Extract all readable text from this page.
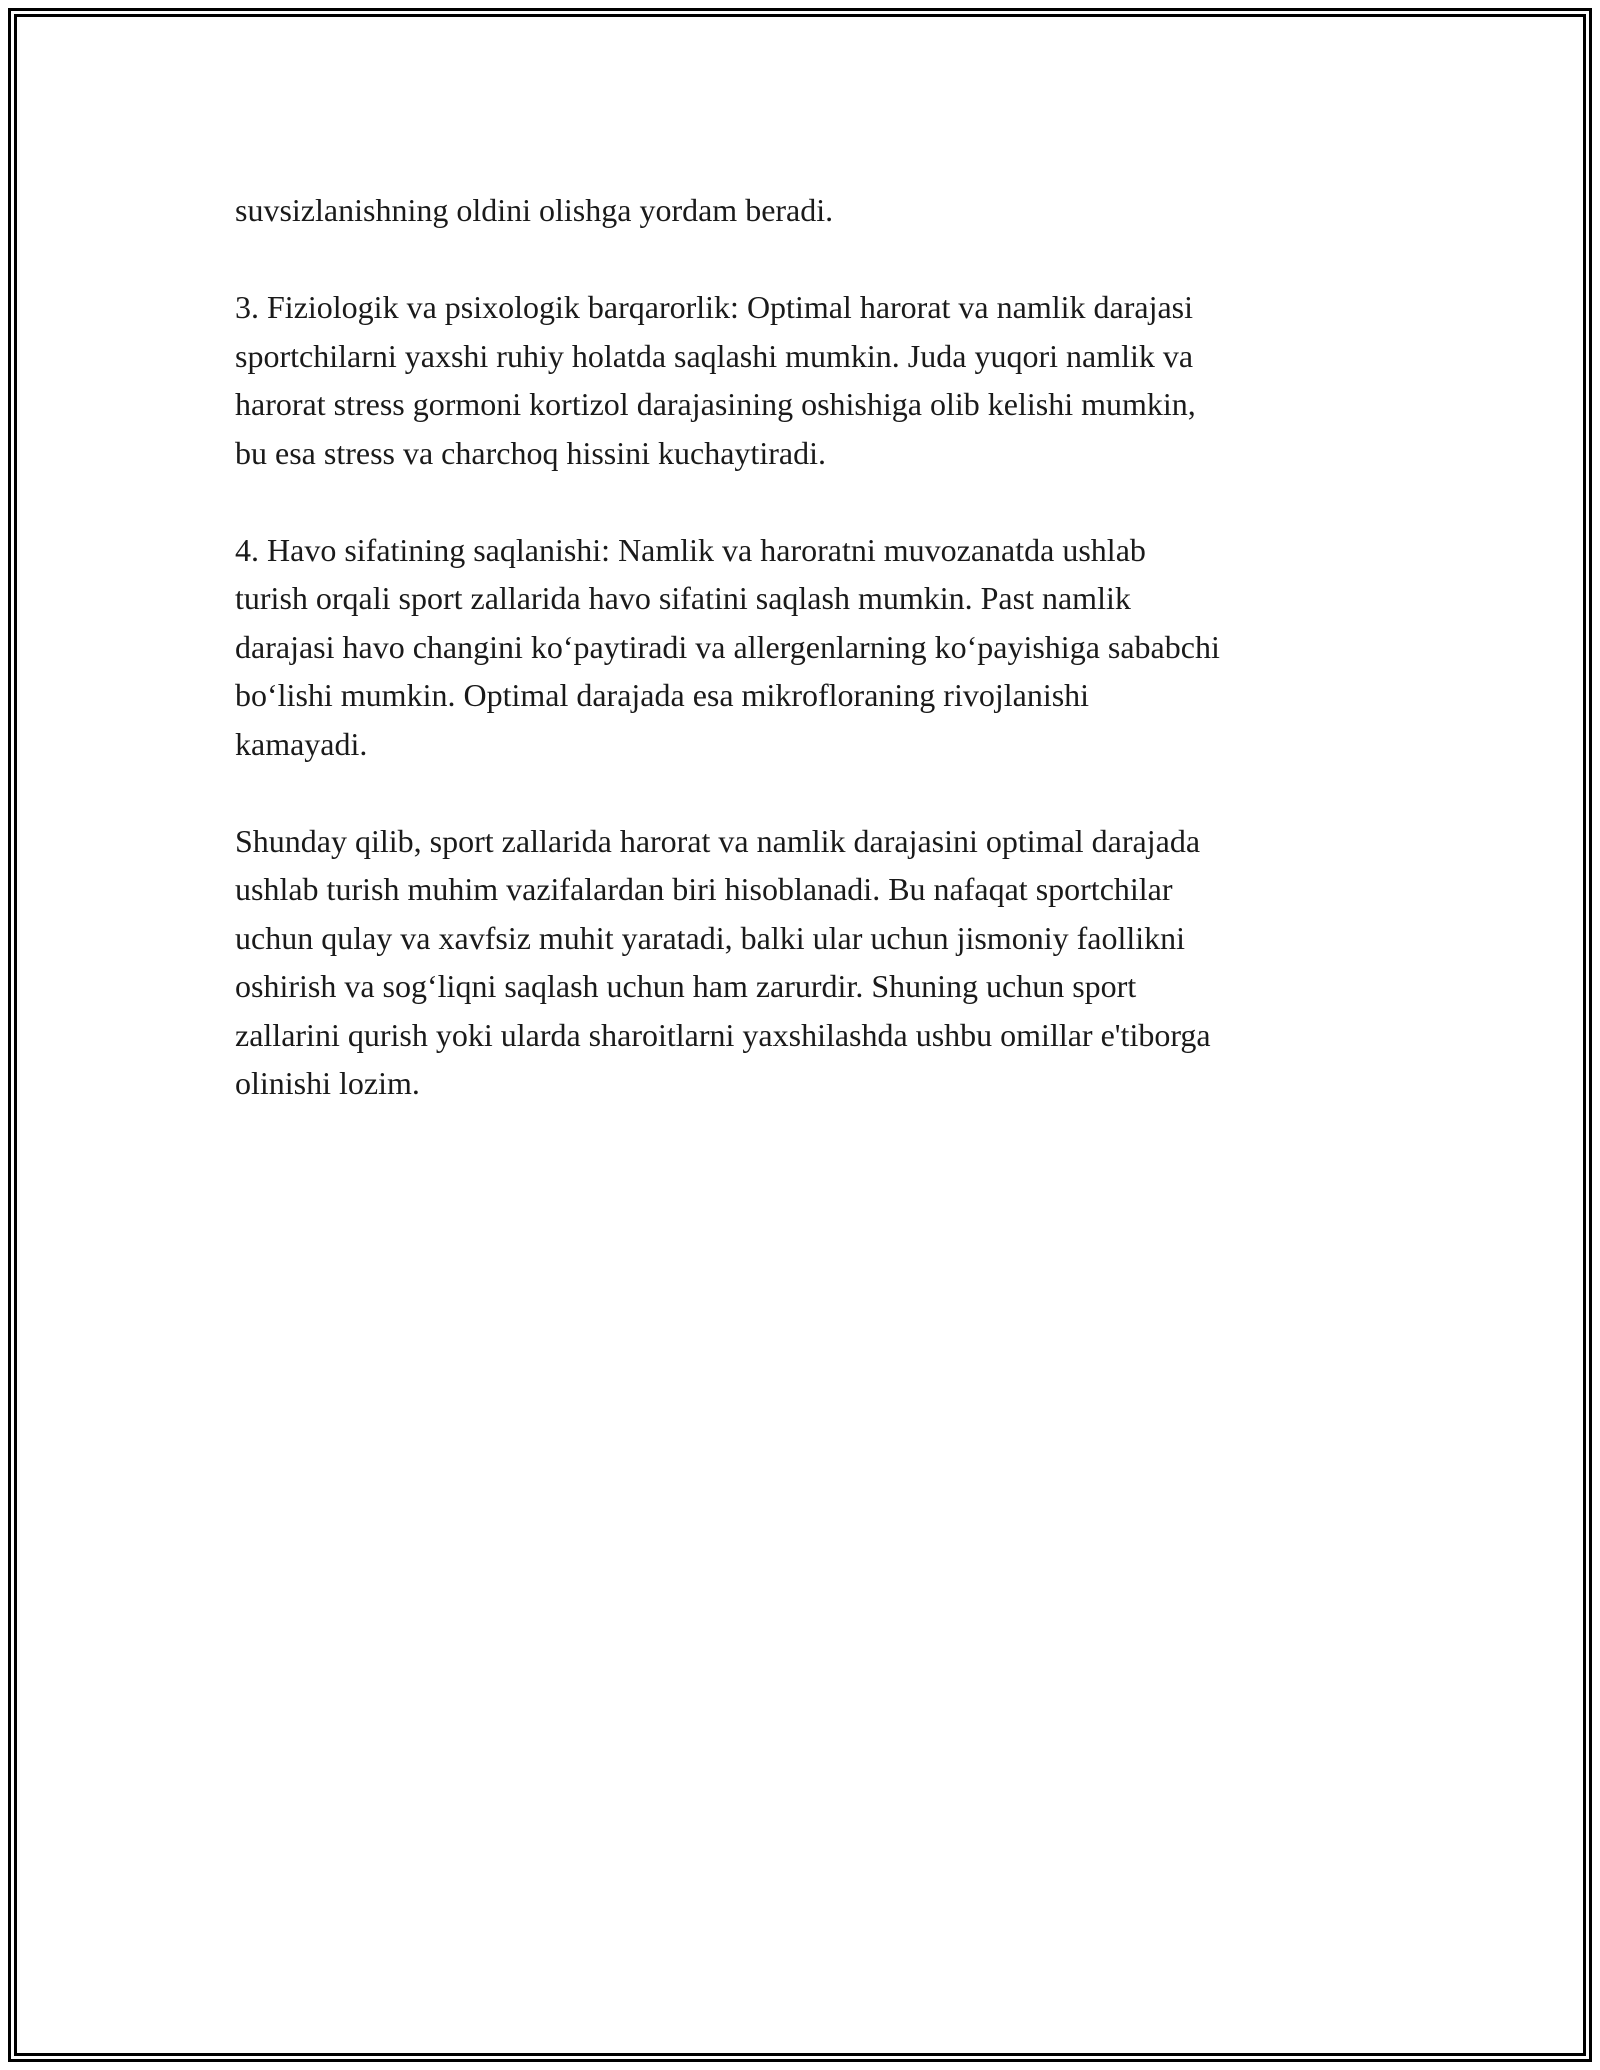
suvsizlanishning oldini olishga yordam beradi.

3. Fiziologik va psixologik barqarorlik: Optimal harorat va namlik darajasi
sportchilarni yaxshi ruhiy holatda saqlashi mumkin. Juda yuqori namlik va
harorat stress gormoni kortizol darajasining oshishiga olib kelishi mumkin,
bu esa stress va charchoq hissini kuchaytiradi.

4. Havo sifatining saqlanishi: Namlik va haroratni muvozanatda ushlab
turish orqali sport zallarida havo sifatini saqlash mumkin. Past namlik
darajasi havo changini ko‘paytiradi va allergenlarning ko‘payishiga sababchi
bo‘lishi mumkin. Optimal darajada esa mikrofloraning rivojlanishi
kamayadi.

Shunday qilib, sport zallarida harorat va namlik darajasini optimal darajada
ushlab turish muhim vazifalardan biri hisoblanadi. Bu nafaqat sportchilar
uchun qulay va xavfsiz muhit yaratadi, balki ular uchun jismoniy faollikni
oshirish va sog‘liqni saqlash uchun ham zarurdir. Shuning uchun sport
zallarini qurish yoki ularda sharoitlarni yaxshilashda ushbu omillar e'tiborga
olinishi lozim.
